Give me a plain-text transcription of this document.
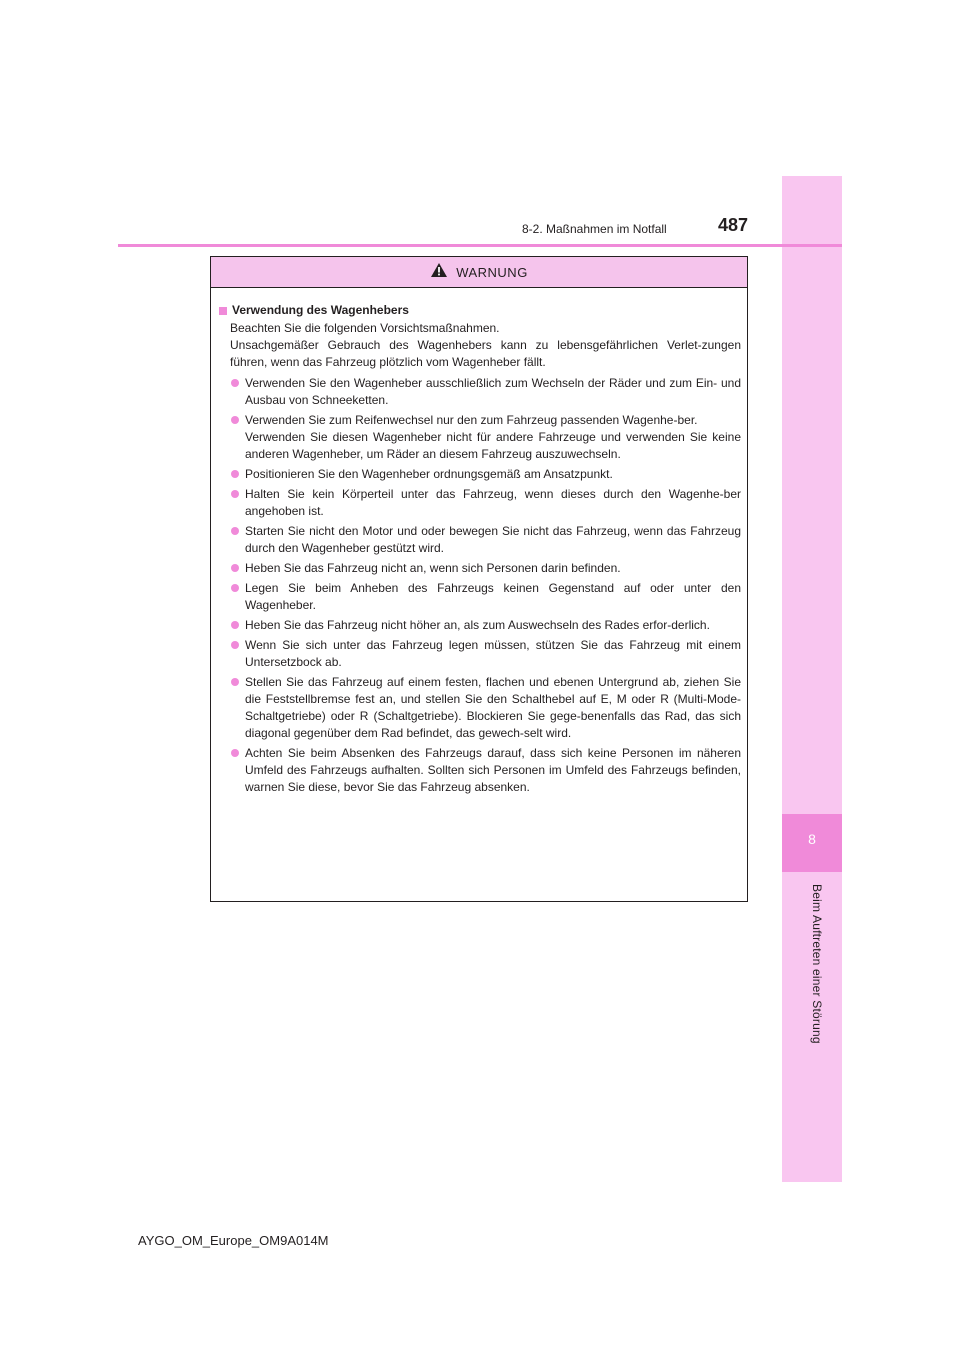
8
Beim Auftreten einer Störung
8-2. Maßnahmen im Notfall	487
WARNUNG
Verwendung des Wagenhebers
Beachten Sie die folgenden Vorsichtsmaßnahmen.
Unsachgemäßer Gebrauch des Wagenhebers kann zu lebensgefährlichen Verlet-zungen führen, wenn das Fahrzeug plötzlich vom Wagenheber fällt.
Verwenden Sie den Wagenheber ausschließlich zum Wechseln der Räder und zum Ein- und Ausbau von Schneeketten.
Verwenden Sie zum Reifenwechsel nur den zum Fahrzeug passenden Wagenhe-ber.
Verwenden Sie diesen Wagenheber nicht für andere Fahrzeuge und verwenden Sie keine anderen Wagenheber, um Räder an diesem Fahrzeug auszuwechseln.
Positionieren Sie den Wagenheber ordnungsgemäß am Ansatzpunkt.
Halten Sie kein Körperteil unter das Fahrzeug, wenn dieses durch den Wagenhe-ber angehoben ist.
Starten Sie nicht den Motor und oder bewegen Sie nicht das Fahrzeug, wenn das Fahrzeug durch den Wagenheber gestützt wird.
Heben Sie das Fahrzeug nicht an, wenn sich Personen darin befinden.
Legen Sie beim Anheben des Fahrzeugs keinen Gegenstand auf oder unter den Wagenheber.
Heben Sie das Fahrzeug nicht höher an, als zum Auswechseln des Rades erfor-derlich.
Wenn Sie sich unter das Fahrzeug legen müssen, stützen Sie das Fahrzeug mit einem Untersetzbock ab.
Stellen Sie das Fahrzeug auf einem festen, flachen und ebenen Untergrund ab, ziehen Sie die Feststellbremse fest an, und stellen Sie den Schalthebel auf E, M oder R (Multi-Mode-Schaltgetriebe) oder R (Schaltgetriebe). Blockieren Sie gege-benenfalls das Rad, das sich diagonal gegenüber dem Rad befindet, das gewech-selt wird.
Achten Sie beim Absenken des Fahrzeugs darauf, dass sich keine Personen im näheren Umfeld des Fahrzeugs aufhalten. Sollten sich Personen im Umfeld des Fahrzeugs befinden, warnen Sie diese, bevor Sie das Fahrzeug absenken.
AYGO_OM_Europe_OM9A014M
